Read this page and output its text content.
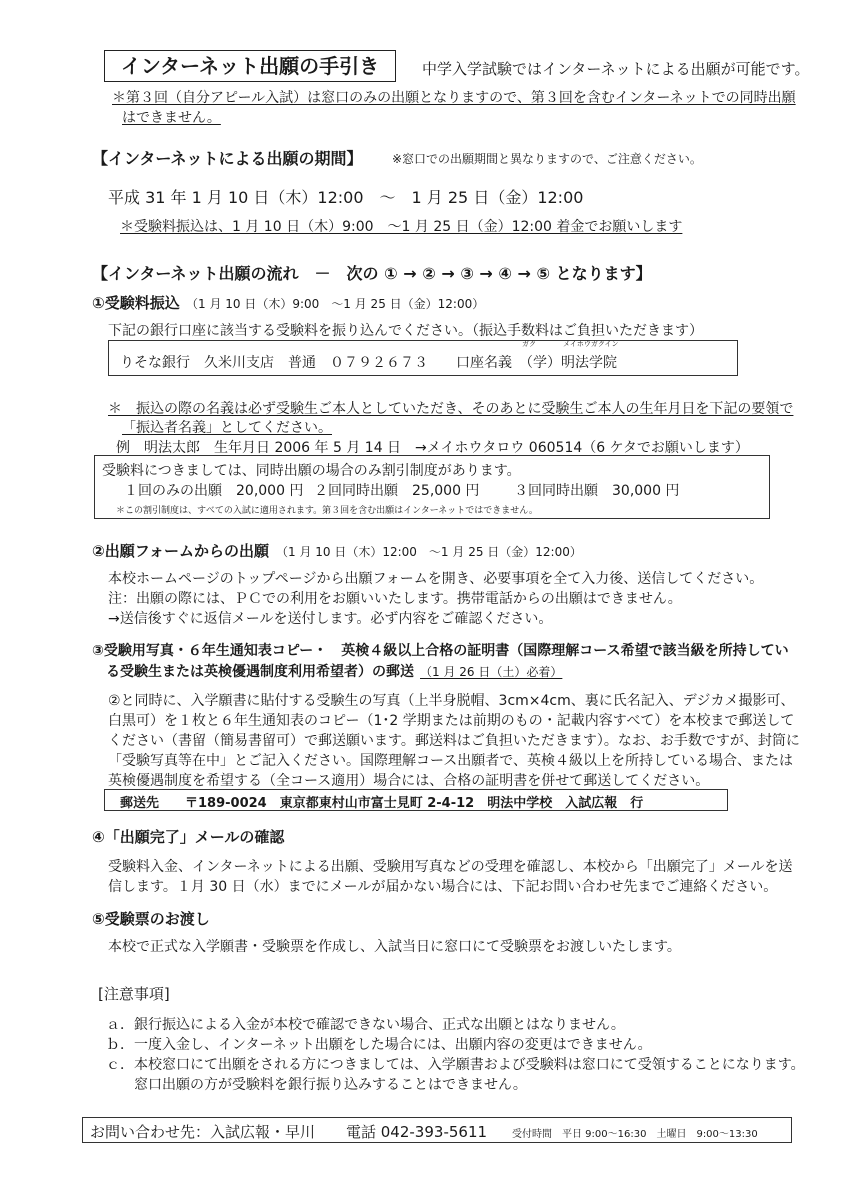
インターネット出願の手引き	中学入学試験ではインターネットによる出願が可能です。
＊第３回（自分アピール入試）は窓口のみの出願となりますので、第３回を含むインターネットでの同時出願
はできません。
【インターネットによる出願の期間】 ※窓口での出願期間と異なりますので、ご注意ください。
平成 31 年 1 月 10 日（木）12:00　～　1 月 25 日（金）12:00
＊受験料振込は、1 月 10 日（木）9:00　～1 月 25 日（金）12:00 着金でお願いします
【インターネット出願の流れ　－　次の ① → ② → ③ → ④ → ⑤ となります】
①受験料振込 （1 月 10 日（木）9:00　～1 月 25 日（金）12:00）
下記の銀行口座に該当する受験料を振り込んでください。（振込手数料はご負担いただきます）
ガク	メイホウガクイン
りそな銀行　久米川支店　普通　０７９２６７３　　口座名義　（学）明法学院
＊　振込の際の名義は必ず受験生ご本人としていただき、そのあとに受験生ご本人の生年月日を下記の要領で
「振込者名義」としてください。
例　明法太郎　生年月日 2006 年 5 月 14 日　→メイホウタロウ 060514（6 ケタでお願いします）
受験料につきましては、同時出願の場合のみ割引制度があります。
１回のみの出願　20,000 円 ２回同時出願　25,000 円 ３回同時出願　30,000 円
＊この割引制度は、すべての入試に適用されます。第３回を含む出願はインターネットではできません。
②出願フォームからの出願 （1 月 10 日（木）12:00　～1 月 25 日（金）12:00）
本校ホームページのトップページから出願フォームを開き、必要事項を全て入力後、送信してください。
注：出願の際には、ＰＣでの利用をお願いいたします。携帯電話からの出願はできません。
→送信後すぐに返信メールを送付します。必ず内容をご確認ください。
③受験用写真・６年生通知表コピー・　英検４級以上合格の証明書（国際理解コース希望で該当級を所持してい
る受験生または英検優遇制度利用希望者）の郵送 （1 月 26 日（土）必着）
②と同時に、入学願書に貼付する受験生の写真（上半身脱帽、3cm×4cm、裏に氏名記入、デジカメ撮影可、
白黒可）を１枚と６年生通知表のコピー（1･2 学期または前期のもの・記載内容すべて）を本校まで郵送して
ください（書留（簡易書留可）で郵送願います。郵送料はご負担いただきます）。なお、お手数ですが、封筒に
「受験写真等在中」とご記入ください。国際理解コース出願者で、英検４級以上を所持している場合、または
英検優遇制度を希望する（全コース適用）場合には、合格の証明書を併せて郵送してください。
郵送先　　〒189-0024　東京都東村山市富士見町 2-4-12　明法中学校　入試広報　行
④「出願完了」メールの確認
受験料入金、インターネットによる出願、受験用写真などの受理を確認し、本校から「出願完了」メールを送
信します。１月 30 日（水）までにメールが届かない場合には、下記お問い合わせ先までご連絡ください。
⑤受験票のお渡し
本校で正式な入学願書・受験票を作成し、入試当日に窓口にて受験票をお渡しいたします。
[注意事項]
ａ．銀行振込による入金が本校で確認できない場合、正式な出願とはなりません。
ｂ．一度入金し、インターネット出願をした場合には、出願内容の変更はできません。
ｃ．本校窓口にて出願をされる方につきましては、入学願書および受験料は窓口にて受領することになります。
　　窓口出願の方が受験料を銀行振り込みすることはできません。
お問い合わせ先：入試広報・早川 電話 042-393-5611 受付時間　平日 9:00～16:30　土曜日　9:00～13:30
